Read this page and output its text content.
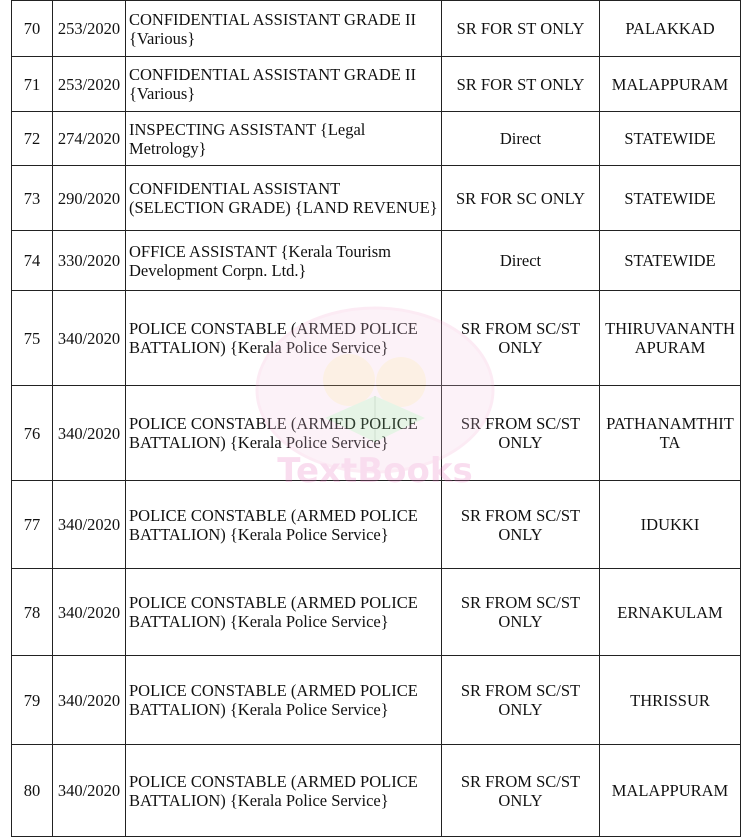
70	253/2020	CONFIDENTIAL ASSISTANT GRADE II {Various}	SR FOR ST ONLY	PALAKKAD
71	253/2020	CONFIDENTIAL ASSISTANT GRADE II {Various}	SR FOR ST ONLY	MALAPPURAM
72	274/2020	INSPECTING ASSISTANT {Legal Metrology}	Direct	STATEWIDE
73	290/2020	CONFIDENTIAL ASSISTANT (SELECTION GRADE) {LAND REVENUE}	SR FOR SC ONLY	STATEWIDE
74	330/2020	OFFICE ASSISTANT {Kerala Tourism Development Corpn. Ltd.}	Direct	STATEWIDE
75	340/2020	POLICE CONSTABLE (ARMED POLICE BATTALION) {Kerala Police Service}	SR FROM SC/ST ONLY	THIRUVANANTH APURAM
76	340/2020	POLICE CONSTABLE (ARMED POLICE BATTALION) {Kerala Police Service}	SR FROM SC/ST ONLY	PATHANAMTHIT TA
77	340/2020	POLICE CONSTABLE (ARMED POLICE BATTALION) {Kerala Police Service}	SR FROM SC/ST ONLY	IDUKKI
78	340/2020	POLICE CONSTABLE (ARMED POLICE BATTALION) {Kerala Police Service}	SR FROM SC/ST ONLY	ERNAKULAM
79	340/2020	POLICE CONSTABLE (ARMED POLICE BATTALION) {Kerala Police Service}	SR FROM SC/ST ONLY	THRISSUR
80	340/2020	POLICE CONSTABLE (ARMED POLICE BATTALION) {Kerala Police Service}	SR FROM SC/ST ONLY	MALAPPURAM
TextBooks
